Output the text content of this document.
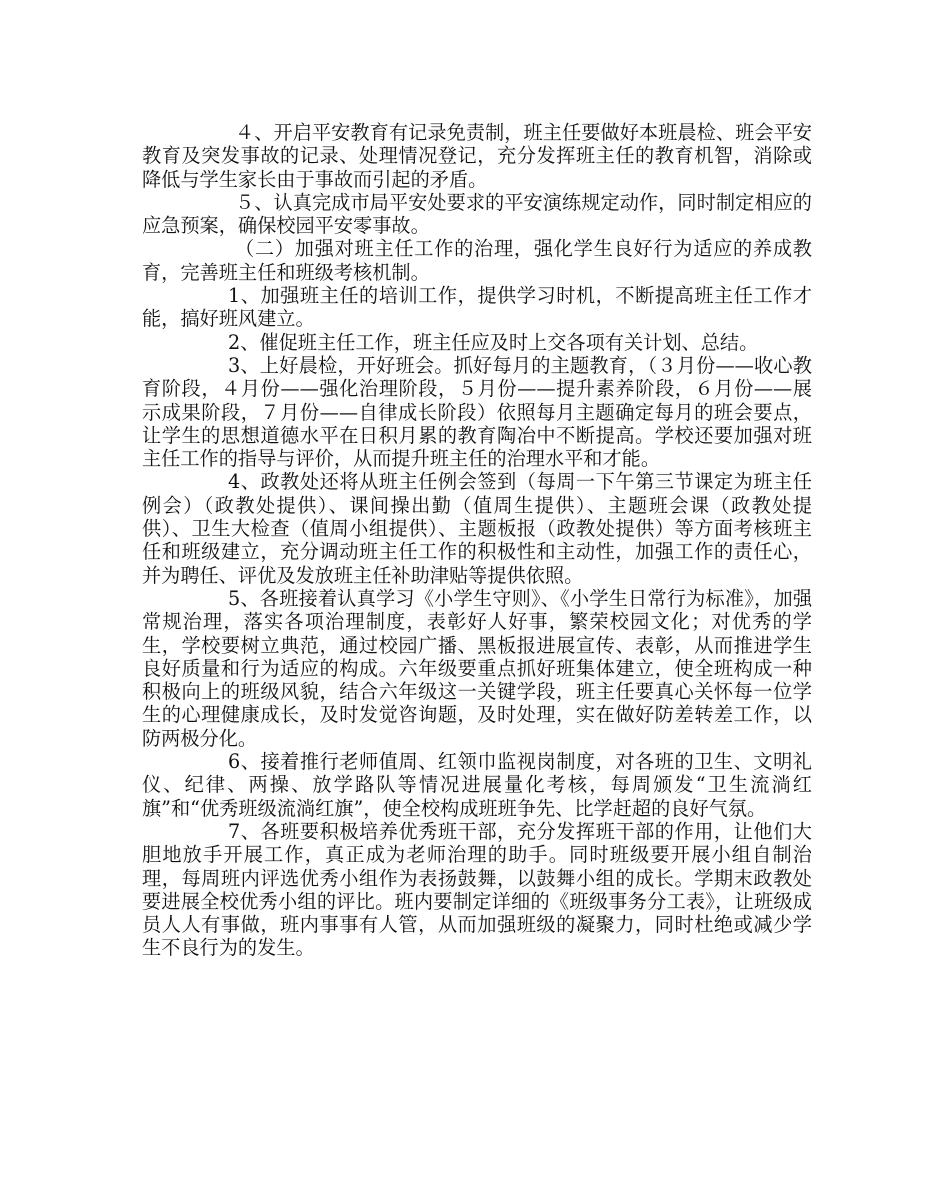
４、开启平安教育有记录免责制，班主任要做好本班晨检、班会平安教育及突发事故的记录、处理情况登记，充分发挥班主任的教育机智，消除或降低与学生家长由于事故而引起的矛盾。

５、认真完成市局平安处要求的平安演练规定动作，同时制定相应的应急预案，确保校园平安零事故。

（二）加强对班主任工作的治理，强化学生良好行为适应的养成教育，完善班主任和班级考核机制。

1、加强班主任的培训工作，提供学习时机，不断提高班主任工作才能，搞好班风建立。

2、催促班主任工作，班主任应及时上交各项有关计划、总结。

3、上好晨检，开好班会。抓好每月的主题教育，（３月份——收心教育阶段，４月份——强化治理阶段，５月份——提升素养阶段，６月份——展示成果阶段，７月份——自律成长阶段）依照每月主题确定每月的班会要点，让学生的思想道德水平在日积月累的教育陶冶中不断提高。学校还要加强对班主任工作的指导与评价，从而提升班主任的治理水平和才能。

4、政教处还将从班主任例会签到（每周一下午第三节课定为班主任例会）（政教处提供）、课间操出勤（值周生提供）、主题班会课（政教处提供）、卫生大检查（值周小组提供）、主题板报（政教处提供）等方面考核班主任和班级建立，充分调动班主任工作的积极性和主动性，加强工作的责任心，并为聘任、评优及发放班主任补助津贴等提供依照。

5、各班接着认真学习《小学生守则》、《小学生日常行为标准》，加强常规治理，落实各项治理制度，表彰好人好事，繁荣校园文化；对优秀的学生，学校要树立典范，通过校园广播、黑板报进展宣传、表彰，从而推进学生良好质量和行为适应的构成。六年级要重点抓好班集体建立，使全班构成一种积极向上的班级风貌，结合六年级这一关键学段，班主任要真心关怀每一位学生的心理健康成长，及时发觉咨询题，及时处理，实在做好防差转差工作，以防两极分化。

6、接着推行老师值周、红领巾监视岗制度，对各班的卫生、文明礼仪、纪律、两操、放学路队等情况进展量化考核，每周颁发“卫生流淌红旗”和“优秀班级流淌红旗”，使全校构成班班争先、比学赶超的良好气氛。

7、各班要积极培养优秀班干部，充分发挥班干部的作用，让他们大胆地放手开展工作，真正成为老师治理的助手。同时班级要开展小组自制治理，每周班内评选优秀小组作为表扬鼓舞，以鼓舞小组的成长。学期末政教处要进展全校优秀小组的评比。班内要制定详细的《班级事务分工表》，让班级成员人人有事做，班内事事有人管，从而加强班级的凝聚力，同时杜绝或减少学生不良行为的发生。
